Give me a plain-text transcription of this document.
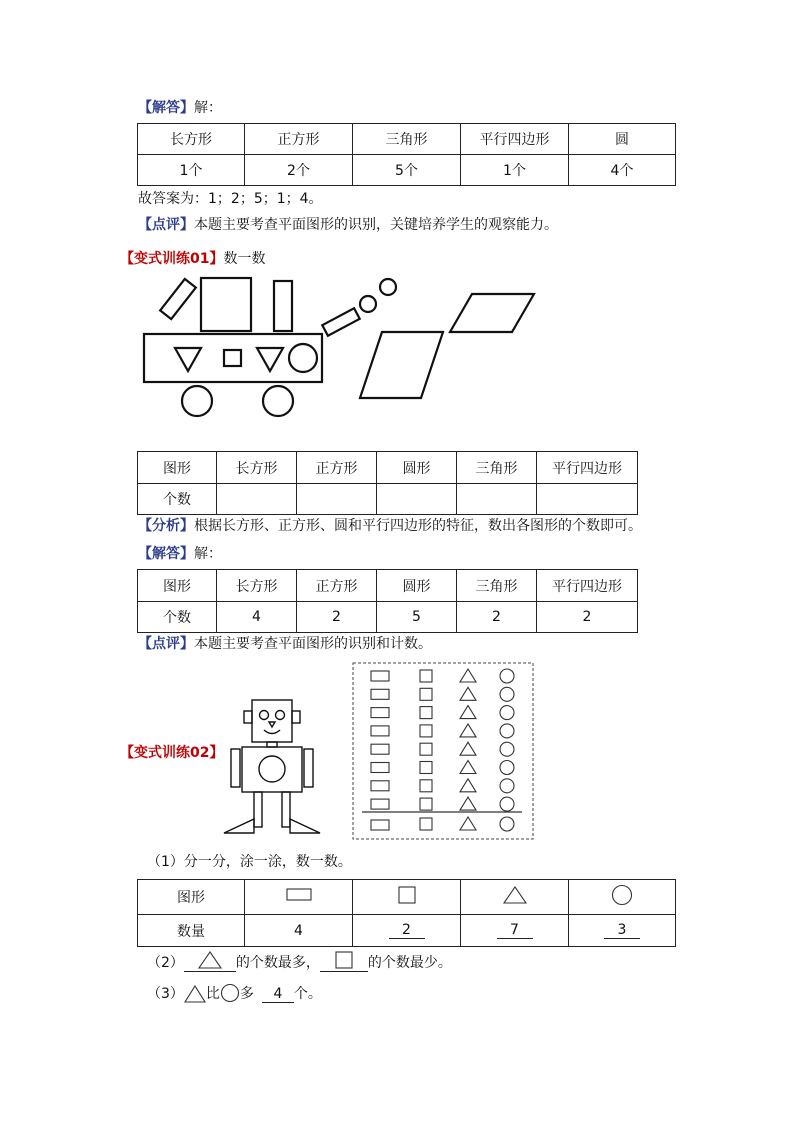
【解答】解：
长方形	正方形	三角形	平行四边形	圆
1个	2个	5个	1个	4个
故答案为：1；2；5；1；4。
【点评】本题主要考查平面图形的识别，关键培养学生的观察能力。
【变式训练01】数一数
图形	长方形	正方形	圆形	三角形	平行四边形
个数					
【分析】根据长方形、正方形、圆和平行四边形的特征，数出各图形的个数即可。
【解答】解：
图形	长方形	正方形	圆形	三角形	平行四边形
个数	4	2	5	2	2
【点评】本题主要考查平面图形的识别和计数。
【变式训练02】
（1）分一分，涂一涂，数一数。
图形				
数量	4	2	7	3
（2）	的个数最多，	的个数最少。
（3） 比 多	4 个。
